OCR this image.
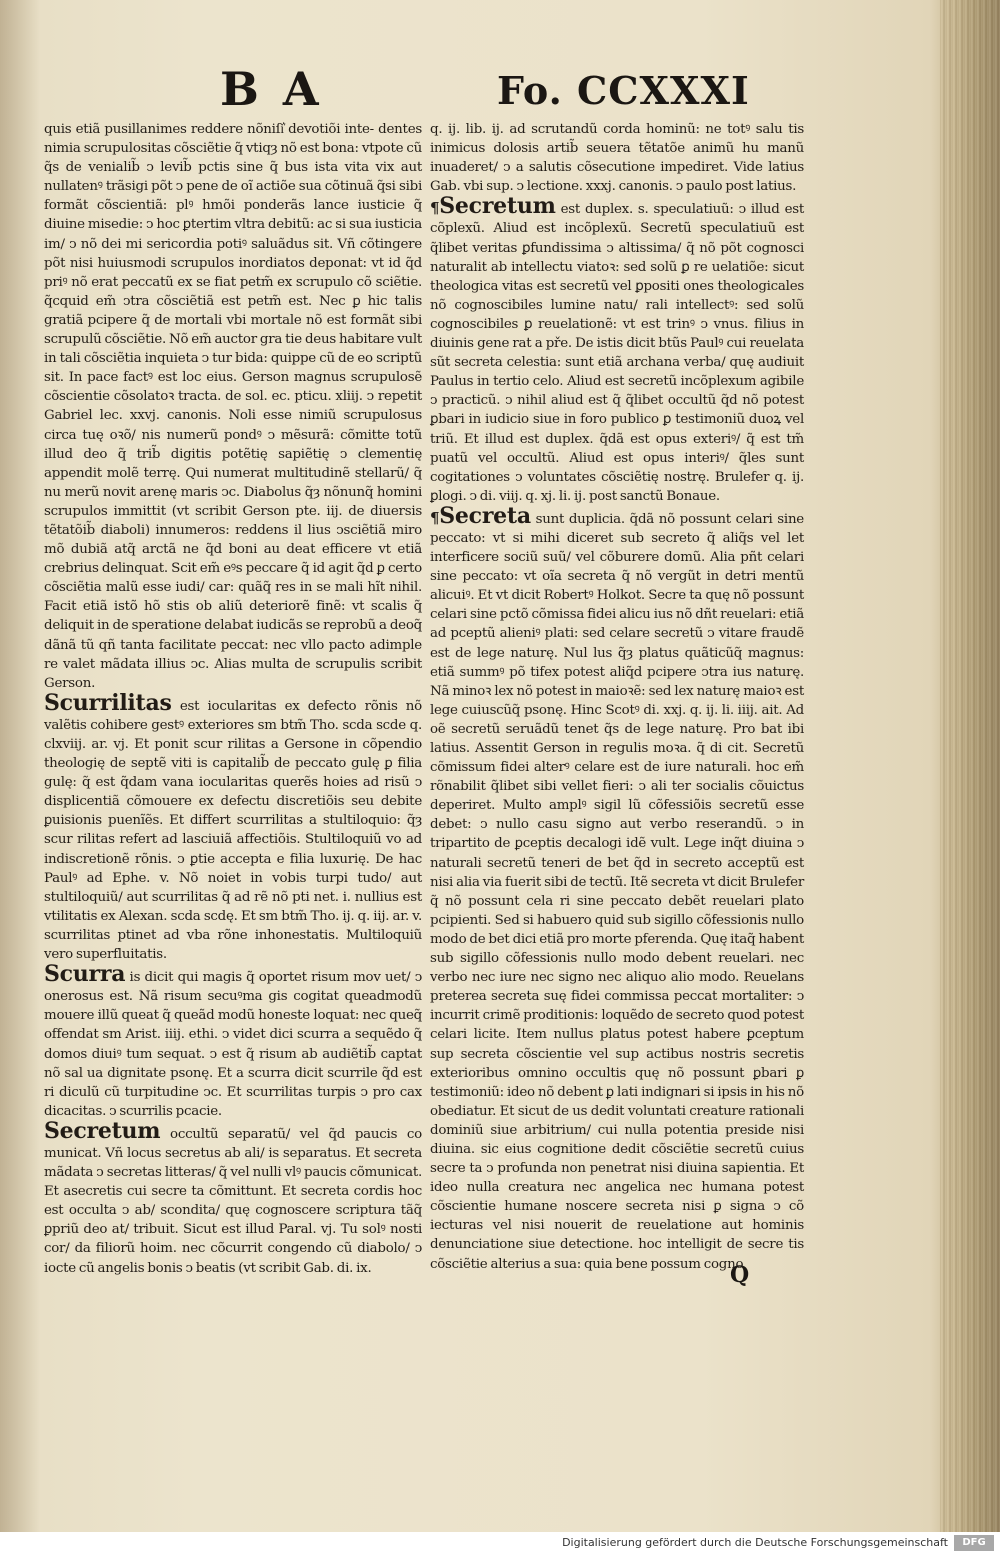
B A	Fo. CCXXXI

quis etiã pusillanimes reddere nõniſi͛ devotiõi inte- dentes nimia scrupulositas cõsciẽtie q̃ vtiqȝ nõ est bona: vtpote cũ q̃s de venialib̃ ↄ levib̃ pctis sine q̃ bus ista vita vix aut nullatenꝰ trãsigi põt ↄ pene de oĩ actiõe sua cõtinuã q̃si sibi formãt cõscientiã: plꝰ hmõi ponderãs lance iusticie q̃ diuine misedie: ↄ hoc ꝑtertim vltra debitũ: ac si sua iusticia im/ ↄ nõ dei mi sericordia potiꝰ saluãdus sit. Vñ cõtingere põt nisi huiusmodi scrupulos inordiatos deponat: vt id q̃d priꝰ nõ erat peccatũ ex se fiat petm̃ ex scrupulo cõ sciẽtie. q̃cquid em̃ ↄtra cõsciẽtiã est petm̃ est. Nec ꝑ hic talis gratiã pcipere q̃ de mortali vbi mortale nõ est formãt sibi scrupulũ cõsciẽtie. Nõ em̃ auctor gra tie deus habitare vult in tali cõsciẽtia inquieta ↄ tur bida: quippe cũ de eo scriptũ sit. In pace factꝰ est loc eius. Gerson magnus scrupulosẽ cõscientie cõsolatoꝛ tracta. de sol. ec. pticu. xliij. ↄ repetit Gabriel lec. xxvj. canonis. Noli esse nimiũ scrupulosus circa tuę oꝛõ/ nis numerũ pondꝰ ↄ mẽsurã: cõmitte totũ illud deo q̃ trib̃ digitis potẽtię sapiẽtię ↄ clementię appendit molẽ terrę. Qui numerat multitudinẽ stellarũ/ q̃ nu merũ novit arenę maris ↄc. Diabolus q̃ȝ nõnunq̃ homini scrupulos immittit (vt scribit Gerson pte. iij. de diuersis tẽtatõib̃ diaboli) innumeros: reddens il lius ↄsciẽtiã miro mõ dubiã atq̃ arctã ne q̃d boni au deat efficere vt etiã crebrius delinquat. Scit em̃ eꝰs peccare q̃ id agit q̃d ꝑ certo cõsciẽtia malũ esse iudi/ car: quãq̃ res in se mali hĩt nihil. Facit etiã istõ hõ stis ob aliũ deteriorẽ finẽ: vt scalis q̃ deliquit in de speratione delabat iudicãs se reprobũ a deoq̃ dãnã tũ qñ tanta facilitate peccat: nec vllo pacto adimple re valet mãdata illius ↄc. Alias multa de scrupulis scribit Gerson.

Scurrilitas est iocularitas ex defecto rõnis nõ valẽtis cohibere gestꝰ exteriores sm btm̃ Tho. scda scde q. clxviij. ar. vj. Et ponit scur rilitas a Gersone in cõpendio theologię de septẽ viti is capitalib̃ de peccato gulę ꝑ filia gulę: q̃ est q̃dam vana iocularitas querẽs hoies ad risũ ↄ displicentiã cõmouere ex defectu discretiõis seu debite ꝑuisionis puenĩẽs. Et differt scurrilitas a stultiloquio: q̃ȝ scur rilitas refert ad lasciuiã affectiõis. Stultiloquiũ vo ad indiscretionẽ rõnis. ↄ ꝑtie accepta e filia luxurię. De hac Paulꝰ ad Ephe. v. Nõ noiet in vobis turpi tudo/ aut stultiloquiũ/ aut scurrilitas q̃ ad rẽ nõ pti net. i. nullius est vtilitatis ex Alexan. scda scdę. Et sm btm̃ Tho. ij. q. iij. ar. v. scurrilitas ptinet ad vba rõne inhonestatis. Multiloquiũ vero superfluitatis.

Scurra is dicit qui magis q̃ oportet risum mov uet/ ↄ onerosus est. Nã risum secuꝰma gis cogitat queadmodũ mouere illũ queat q̃ queãd modũ honeste loquat: nec queq̃ offendat sm Arist. iiij. ethi. ↄ videt dici scurra a sequẽdo q̃ domos diuiꝰ tum sequat. ↄ est q̃ risum ab audiẽtib̃ captat nõ sal ua dignitate psonę. Et a scurra dicit scurrile q̃d est ri diculũ cũ turpitudine ↄc. Et scurrilitas turpis ↄ pro cax dicacitas. ↄ scurrilis pcacie.

Secretum occultũ separatũ/ vel q̃d paucis co municat. Vñ locus secretus ab ali/ is separatus. Et secreta mãdata ↄ secretas litteras/ q̃ vel nulli vlꝰ paucis cõmunicat. Et asecretis cui secre ta cõmittunt. Et secreta cordis hoc est occulta ↄ ab/ scondita/ quę cognoscere scriptura tãq̃ ꝑpriũ deo at/ tribuit. Sicut est illud Paral. vj. Tu solꝰ nosti cor/ da filiorũ hoim. nec cõcurrit congendo cũ diabolo/ ↄ iocte cũ angelis bonis ↄ beatis (vt scribit Gab. di. ix.

q. ij. lib. ij. ad scrutandũ corda hominũ: ne totꝰ salu tis inimicus dolosis artib̃ seuera tẽtatõe animũ hu manũ inuaderet/ ↄ a salutis cõsecutione impediret. Vide latius Gab. vbi sup. ↄ lectione. xxxj. canonis. ↄ paulo post latius.

¶Secretum est duplex. s. speculatiuũ: ↄ illud est cõplexũ. Aliud est incõplexũ. Secretũ speculatiuũ est q̃libet veritas ꝑfundissima ↄ altissima/ q̃ nõ põt cognosci naturalit ab intellectu viatoꝛ: sed solũ ꝑ re uelatiõe: sicut theologica vitas est secretũ vel ꝑpositi ones theologicales nõ cognoscibiles lumine natu/ rali intellectꝰ: sed solũ cognoscibiles ꝑ reuelationẽ: vt est trinꝰ ↄ vnus. filius in diuinis gene rat a pře. De istis dicit btũs Paulꝰ cui reuelata sũt secreta celestia: sunt etiã archana verba/ quę audiuit Paulus in tertio celo. Aliud est secretũ incõplexum agibile ↄ practicũ. ↄ nihil aliud est q̃ q̃libet occultũ q̃d nõ potest ꝑbari in iudicio siue in foro publico ꝑ testimoniũ duoꝝ vel triũ. Et illud est duplex. q̃dã est opus exteriꝰ/ q̃ est tm̃ puatũ vel occultũ. Aliud est opus interiꝰ/ q̃les sunt cogitationes ↄ voluntates cõsciẽtię nostrę. Brulefer q. ij. ꝑlogi. ↄ di. viij. q. xj. li. ij. post sanctũ Bonaue.

¶Secreta sunt duplicia. q̃dã nõ possunt celari sine peccato: vt si mihi diceret sub secreto q̃ aliq̃s vel let interficere sociũ suũ/ vel cõburere domũ. Alia pñt celari sine peccato: vt oĩa secreta q̃ nõ vergũt in detri mentũ alicuiꝰ. Et vt dicit Robertꝰ Holkot. Secre ta quę nõ possunt celari sine pctõ cõmissa fidei alicu ius nõ dñt reuelari: etiã ad pceptũ alieniꝰ plati: sed celare secretũ ↄ vitare fraudẽ est de lege naturę. Nul lus q̃ȝ platus quãticũq̃ magnus: etiã summꝰ põ tifex potest aliq̃d pcipere ↄtra ius naturę. Nã minoꝛ lex nõ potest in maioꝛẽ: sed lex naturę maioꝛ est lege cuiuscũq̃ psonę. Hinc Scotꝰ di. xxj. q. ij. li. iiij. ait. Ad oẽ secretũ seruãdũ tenet q̃s de lege naturę. Pro bat ibi latius. Assentit Gerson in regulis moꝛa. q̃ di cit. Secretũ cõmissum fidei alterꝰ celare est de iure naturali. hoc em̃ rõnabilit q̃libet sibi vellet fieri: ↄ ali ter socialis cõuictus deperiret. Multo amplꝰ sigil lũ cõfessiõis secretũ esse debet: ↄ nullo casu signo aut verbo reserandũ. ↄ in tripartito de ꝑceptis decalogi idẽ vult. Lege inq̃t diuina ↄ naturali secretũ teneri de bet q̃d in secreto acceptũ est nisi alia via fuerit sibi de tectũ. Itẽ secreta vt dicit Brulefer q̃ nõ possunt cela ri sine peccato debẽt reuelari plato pcipienti. Sed si habuero quid sub sigillo cõfessionis nullo modo de bet dici etiã pro morte pferenda. Quę itaq̃ habent sub sigillo cõfessionis nullo modo debent reuelari. nec verbo nec iure nec signo nec aliquo alio modo. Reuelans preterea secreta suę fidei commissa peccat mortaliter: ↄ incurrit crimẽ proditionis: loquẽdo de secreto quod potest celari licite. Item nullus platus potest habere ꝑceptum sup secreta cõscientie vel sup actibus nostris secretis exterioribus omnino occultis quę nõ possunt ꝑbari ꝑ testimoniũ: ideo nõ debent ꝑ lati indignari si ipsis in his nõ obediatur. Et sicut de us dedit voluntati creature rationali dominiũ siue arbitrium/ cui nulla potentia preside nisi diuina. sic eius cognitione dedit cõsciẽtie secretũ cuius secre ta ↄ profunda non penetrat nisi diuina sapientia. Et ideo nulla creatura nec angelica nec humana potest cõscientie humane noscere secreta nisi ꝑ signa ↄ cõ iecturas vel nisi nouerit de reuelatione aut hominis denunciatione siue detectione. hoc intelligit de secre tis cõsciẽtie alterius a sua: quia bene possum cogno

Q
Digitalisierung gefördert durch die Deutsche Forschungsgemeinschaft	DFG
